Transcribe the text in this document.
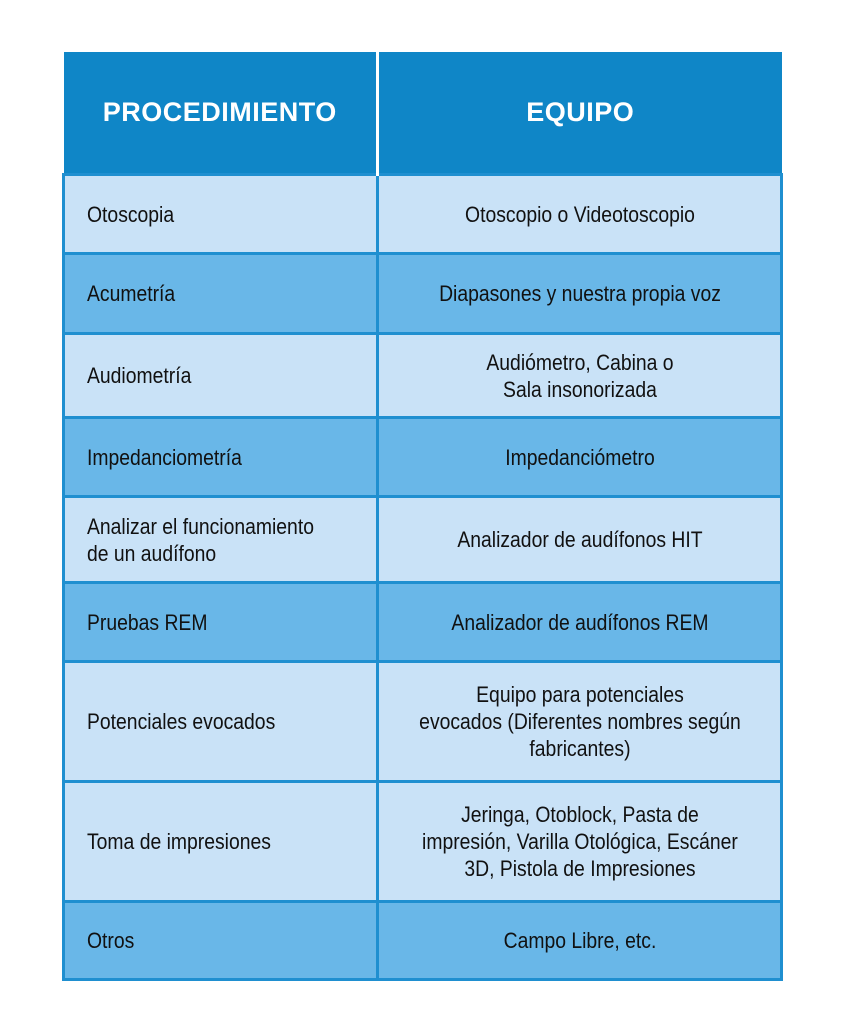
PROCEDIMIENTO	EQUIPO

Otoscopia	Otoscopio o Videotoscopio

Acumetría	Diapasones y nuestra propia voz

Audiometría	Audiómetro, Cabina o
Sala insonorizada

Impedanciometría	Impedanciómetro

Analizar el funcionamiento
de un audífono	Analizador de audífonos HIT

Pruebas REM	Analizador de audífonos REM

Potenciales evocados	Equipo para potenciales
evocados (Diferentes nombres según
fabricantes)

Toma de impresiones	Jeringa, Otoblock, Pasta de
impresión, Varilla Otológica, Escáner
3D, Pistola de Impresiones

Otros	Campo Libre, etc.
